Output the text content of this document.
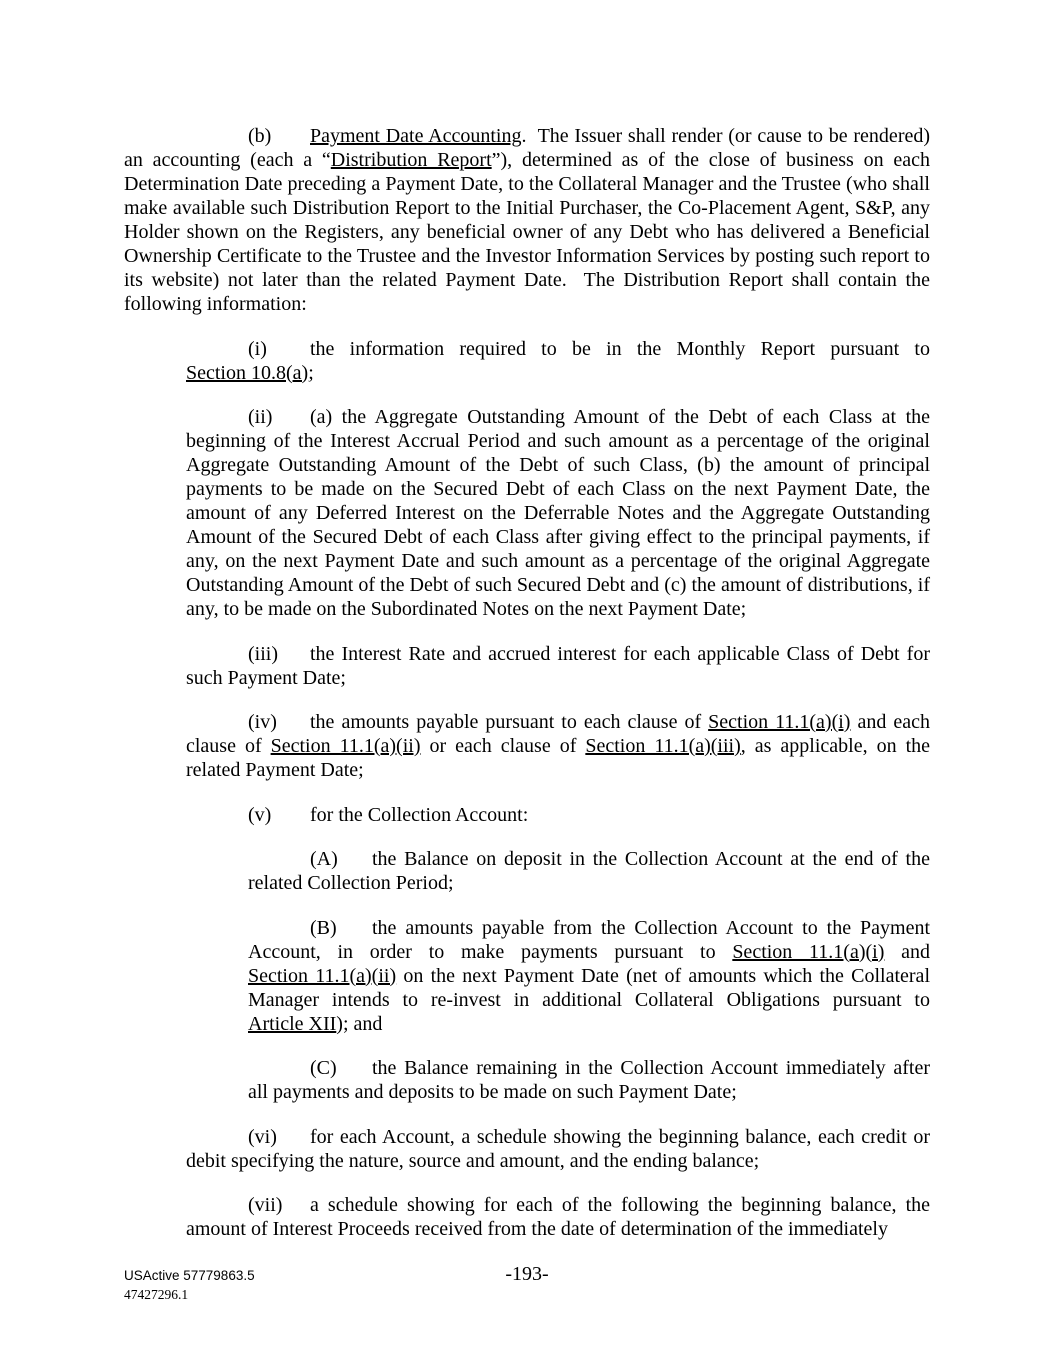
(b) Payment Date Accounting.  The Issuer shall render (or cause to be rendered) an accounting (each a “Distribution Report”), determined as of the close of business on each Determination Date preceding a Payment Date, to the Collateral Manager and the Trustee (who shall make available such Distribution Report to the Initial Purchaser, the Co-Placement Agent, S&P, any Holder shown on the Registers, any beneficial owner of any Debt who has delivered a Beneficial Ownership Certificate to the Trustee and the Investor Information Services by posting such report to its website) not later than the related Payment Date.  The Distribution Report shall contain the following information:

(i) the information required to be in the Monthly Report pursuant to Section 10.8(a);

(ii) (a) the Aggregate Outstanding Amount of the Debt of each Class at the beginning of the Interest Accrual Period and such amount as a percentage of the original Aggregate Outstanding Amount of the Debt of such Class, (b) the amount of principal payments to be made on the Secured Debt of each Class on the next Payment Date, the amount of any Deferred Interest on the Deferrable Notes and the Aggregate Outstanding Amount of the Secured Debt of each Class after giving effect to the principal payments, if any, on the next Payment Date and such amount as a percentage of the original Aggregate Outstanding Amount of the Debt of such Secured Debt and (c) the amount of distributions, if any, to be made on the Subordinated Notes on the next Payment Date;

(iii) the Interest Rate and accrued interest for each applicable Class of Debt for such Payment Date;

(iv) the amounts payable pursuant to each clause of Section 11.1(a)(i) and each clause of Section 11.1(a)(ii) or each clause of Section 11.1(a)(iii), as applicable, on the related Payment Date;

(v) for the Collection Account:

(A) the Balance on deposit in the Collection Account at the end of the related Collection Period;

(B) the amounts payable from the Collection Account to the Payment Account, in order to make payments pursuant to Section 11.1(a)(i) and Section 11.1(a)(ii) on the next Payment Date (net of amounts which the Collateral Manager intends to re-invest in additional Collateral Obligations pursuant to Article XII); and

(C) the Balance remaining in the Collection Account immediately after all payments and deposits to be made on such Payment Date;

(vi) for each Account, a schedule showing the beginning balance, each credit or debit specifying the nature, source and amount, and the ending balance;

(vii) a schedule showing for each of the following the beginning balance, the amount of Interest Proceeds received from the date of determination of the immediately

-193-
USActive 57779863.5
47427296.1
